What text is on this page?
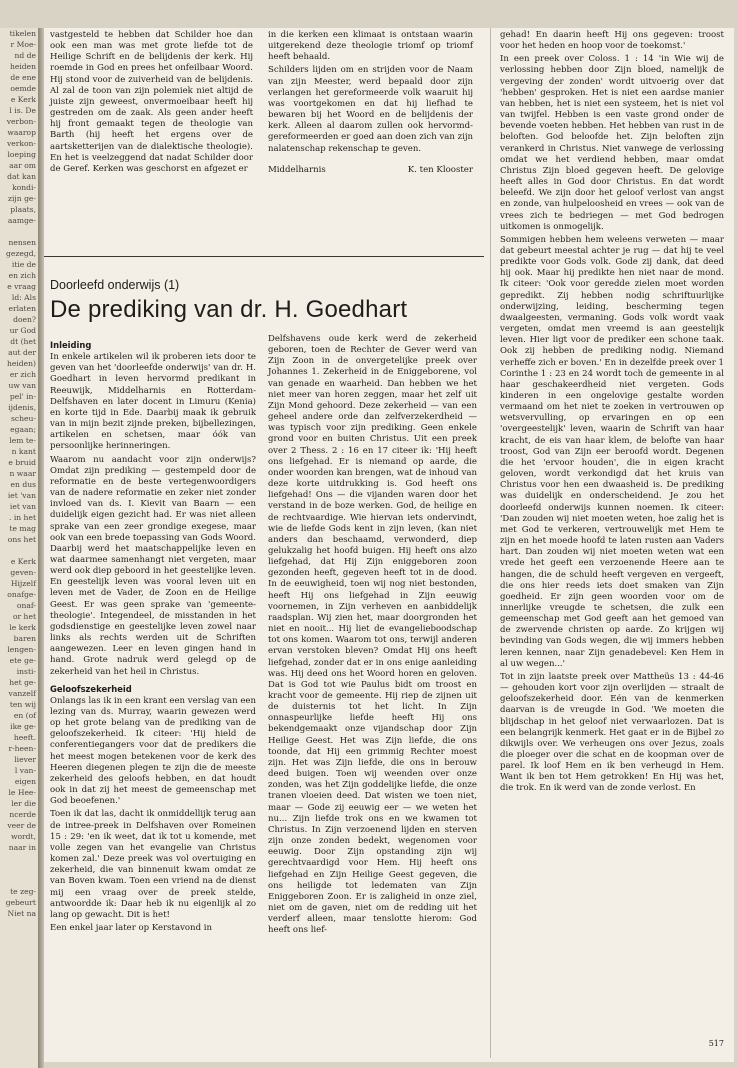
tikelen
r Moe-
nd de
heiden
de ene
oemde
e Kerk
l is. De
verbon-
waarop
verkon-
loeping
aar om
dat kan
kondi-
zijn ge-
plaats,
aamge-

nensen
gezegd,
itie de
en zich
e vraag
ld: Als
erlaten
doen?
ur God
dt (het
aut der
heiden)
er zich
uw van
pel' in-
ijdenis,
scheu-
egaan;
lem te-
n kant
e bruid
n waar
en dus
iet 'van
iet van
. in het
te mag
ons het

e Kerk
geven-
Hijzelf
onafge-
onaf-
or het
le kerk
baren
lengen-
ete ge-
insti-
het ge-
vanzelf
ten wij
en (of
ike ge-
heeft.
r-heen-
liever
l van-
eigen
le Hee-
ler die
ncerde
veer de
wordt,
naar in

te zeg-
gebeurt
Niet na

vastgesteld te hebben dat Schilder hoe dan ook een man was met grote liefde tot de Heilige Schrift en de belijdenis der kerk. Hij roemde in God en prees het onfeilbaar Woord. Hij stond voor de zuiverheid van de belijdenis. Al zal de toon van zijn polemiek niet altijd de juiste zijn geweest, onvermoeibaar heeft hij gestreden om de zaak. Als geen ander heeft hij front gemaakt tegen de theologie van Barth (hij heeft het ergens over de aartsketterijen van de dialektische theologie). En het is veelzeggend dat nadat Schilder door de Geref. Kerken was geschorst en afgezet er

in die kerken een klimaat is ontstaan waarin uitgerekend deze theologie triomf op triomf heeft behaald.

Schilders lijden om en strijden voor de Naam van zijn Meester, werd bepaald door zijn verlangen het gereformeerde volk waaruit hij was voortgekomen en dat hij liefhad te bewaren bij het Woord en de belijdenis der kerk. Alleen al daarom zullen ook hervormd-gereformeerden er goed aan doen zich van zijn nalatenschap rekenschap te geven.

Middelharnis	K. ten Klooster
Doorleefd onderwijs (1)
De prediking van dr. H. Goedhart
Inleiding

In enkele artikelen wil ik proberen iets door te geven van het 'doorleefde onderwijs' van dr. H. Goedhart in leven hervormd predikant in Reeuwijk, Middelharnis en Rotterdam-Delfshaven en later docent in Limuru (Kenia) en korte tijd in Ede. Daarbij maak ik gebruik van in mijn bezit zijnde preken, bijbellezingen, artikelen en schetsen, maar óók van persoonlijke herinneringen.

Waarom nu aandacht voor zijn onderwijs? Omdat zijn prediking — gestempeld door de reformatie en de beste vertegenwoordigers van de nadere reformatie en zeker niet zonder invloed van ds. I. Kievit van Baarn — een duidelijk eigen gezicht had. Er was niet alleen sprake van een zeer grondige exegese, maar ook van een brede toepassing van Gods Woord. Daarbij werd het maatschappelijke leven en wat daarmee samenhangt niet vergeten, maar werd ook diep geboord in het geestelijke leven. En geestelijk leven was vooral leven uit en leven met de Vader, de Zoon en de Heilige Geest. Er was geen sprake van 'gemeente-theologie'. Integendeel, de misstanden in het godsdienstige en geestelijke leven zowel naar links als rechts werden uit de Schriften aangewezen. Leer en leven gingen hand in hand. Grote nadruk werd gelegd op de zekerheid van het heil in Christus.

Geloofszekerheid

Onlangs las ik in een krant een verslag van een lezing van ds. Murray, waarin gewezen werd op het grote belang van de prediking van de geloofszekerheid. Ik citeer: 'Hij hield de conferentiegangers voor dat de predikers die het meest mogen betekenen voor de kerk des Heeren diegenen plegen te zijn die de meeste zekerheid des geloofs hebben, en dat houdt ook in dat zij het meest de gemeenschap met God beoefenen.'

Toen ik dat las, dacht ik onmiddellijk terug aan de intree-preek in Delfshaven over Romeinen 15 : 29: 'en ik weet, dat ik tot u komende, met volle zegen van het evangelie van Christus komen zal.' Deze preek was vol overtuiging en zekerheid, die van binnenuit kwam omdat ze van Boven kwam. Toen een vriend na de dienst mij een vraag over de preek stelde, antwoordde ik: Daar heb ik nu eigenlijk al zo lang op gewacht. Dit is het!

Een enkel jaar later op Kerstavond in

Delfshavens oude kerk werd de zekerheid geboren, toen de Rechter de Gever werd van Zijn Zoon in de onvergetelijke preek over Johannes 1. Zekerheid in de Eniggeborene, vol van genade en waarheid. Dan hebben we het niet meer van horen zeggen, maar het zelf uit Zijn Mond gehoord. Deze zekerheid — van een geheel andere orde dan zelfverzekerdheid — was typisch voor zijn prediking. Geen enkele grond voor en buiten Christus. Uit een preek over 2 Thess. 2 : 16 en 17 citeer ik: 'Hij heeft ons liefgehad. Er is niemand op aarde, die onder woorden kan brengen, wat de inhoud van deze korte uitdrukking is. God heeft ons liefgehad! Ons — die vijanden waren door het verstand in de boze werken. God, de heilige en de rechtvaardige. Wie hiervan iets ondervindt, wie de liefde Gods kent in zijn leven, (kan niet anders dan beschaamd, verwonderd, diep gelukzalig het hoofd buigen. Hij heeft ons alzo liefgehad, dat Hij Zijn eniggeboren zoon gezonden heeft, gegeven heeft tot in de dood. In de eeuwigheid, toen wij nog niet bestonden, heeft Hij ons liefgehad in Zijn eeuwig voornemen, in Zijn verheven en aanbiddelijk raadsplan. Wij zien het, maar doorgronden het niet en nooit... Hij liet de evangelieboodschap tot ons komen. Waarom tot ons, terwijl anderen ervan verstoken bleven? Omdat Hij ons heeft liefgehad, zonder dat er in ons enige aanleiding was. Hij deed ons het Woord horen en geloven. Dat is God tot wie Paulus bidt om troost en kracht voor de gemeente. Hij riep de zijnen uit de duisternis tot het licht. In Zijn onnaspeurlijke liefde heeft Hij ons bekendgemaakt onze vijandschap door Zijn Heilige Geest. Het was Zijn liefde, die ons toonde, dat Hij een grimmig Rechter moest zijn. Het was Zijn liefde, die ons in berouw deed buigen. Toen wij weenden over onze zonden, was het Zijn goddelijke liefde, die onze tranen vloeien deed. Dat wisten we toen niet, maar — Gode zij eeuwig eer — we weten het nu... Zijn liefde trok ons en we kwamen tot Christus. In Zijn verzoenend lijden en sterven zijn onze zonden bedekt, wegenomen voor eeuwig. Door Zijn opstanding zijn wij gerechtvaardigd voor Hem. Hij heeft ons liefgehad en Zijn Heilige Geest gegeven, die ons heiligde tot ledematen van Zijn Eniggeboren Zoon. Er is zaligheid in onze ziel, niet om de gaven, niet om de redding uit het verderf alleen, maar tenslotte hierom: God heeft ons lief-

gehad! En daarin heeft Hij ons gegeven: troost voor het heden en hoop voor de toekomst.'

In een preek over Coloss. 1 : 14 'in Wie wij de verlossing hebben door Zijn bloed, namelijk de vergeving der zonden' wordt uitvoerig over dat 'hebben' gesproken. Het is niet een aardse manier van hebben, het is niet een systeem, het is niet vol van twijfel. Hebben is een vaste grond onder de bevende voeten hebben. Het hebben van rust in de beloften. God beloofde het. Zijn beloften zijn verankerd in Christus. Niet vanwege de verlossing omdat we het verdiend hebben, maar omdat Christus Zijn bloed gegeven heeft. De gelovige heeft alles in God door Christus. En dat wordt beleefd. We zijn door het geloof verlost van angst en zonde, van hulpeloosheid en vrees — ook van de vrees zich te bedriegen — met God bedrogen uitkomen is onmogelijk.

Sommigen hebben hem weleens verweten — maar dat gebeurt meestal achter je rug — dat hij te veel predikte voor Gods volk. Gode zij dank, dat deed hij ook. Maar hij predikte hen niet naar de mond. Ik citeer: 'Ook voor geredde zielen moet worden gepredikt. Zij hebben nodig schriftuurlijke onderwijzing, leiding, bescherming tegen dwaalgeesten, vermaning. Gods volk wordt vaak vergeten, omdat men vreemd is aan geestelijk leven. Hier ligt voor de prediker een schone taak. Ook zij hebben de prediking nodig. Niemand verheffe zich er boven.' En in dezelfde preek over 1 Corinthe 1 : 23 en 24 wordt toch de gemeente in al haar geschakeerdheid niet vergeten. Gods kinderen in een ongelovige gestalte worden vermaand om het niet te zoeken in vertrouwen op wetsvervulling, op ervaringen en op een 'overgeestelijk' leven, waarin de Schrift van haar kracht, de eis van haar klem, de belofte van haar troost, God van Zijn eer beroofd wordt. Degenen die het 'ervoor houden', die in eigen kracht geloven, wordt verkondigd dat het kruis van Christus voor hen een dwaasheid is. De prediking was duidelijk en onderscheidend. Je zou het doorleefd onderwijs kunnen noemen. Ik citeer: 'Dan zouden wij niet moeten weten, hoe zalig het is met God te verkeren, vertrouwelijk met Hem te zijn en het moede hoofd te laten rusten aan Vaders hart. Dan zouden wij niet moeten weten wat een vrede het geeft een verzoenende Heere aan te hangen, die de schuld heeft vergeven en vergeeft, die ons hier reeds iets doet smaken van Zijn goedheid. Er zijn geen woorden voor om de innerlijke vreugde te schetsen, die zulk een gemeenschap met God geeft aan het gemoed van de zwervende christen op aarde. Zo krijgen wij bevinding van Gods wegen, die wij immers hebben leren kennen, naar Zijn genadebevel: Ken Hem in al uw wegen...'

Tot in zijn laatste preek over Mattheüs 13 : 44-46 — gehouden kort voor zijn overlijden — straalt de geloofszekerheid door. Eén van de kenmerken daarvan is de vreugde in God. 'We moeten die blijdschap in het geloof niet verwaarlozen. Dat is een belangrijk kenmerk. Het gaat er in de Bijbel zo dikwijls over. We verheugen ons over Jezus, zoals die ploeger over die schat en de koopman over de parel. Ik loof Hem en ik ben verheugd in Hem. Want ik ben tot Hem getrokken! En Hij was het, die trok. En ik werd van de zonde verlost. En

517
